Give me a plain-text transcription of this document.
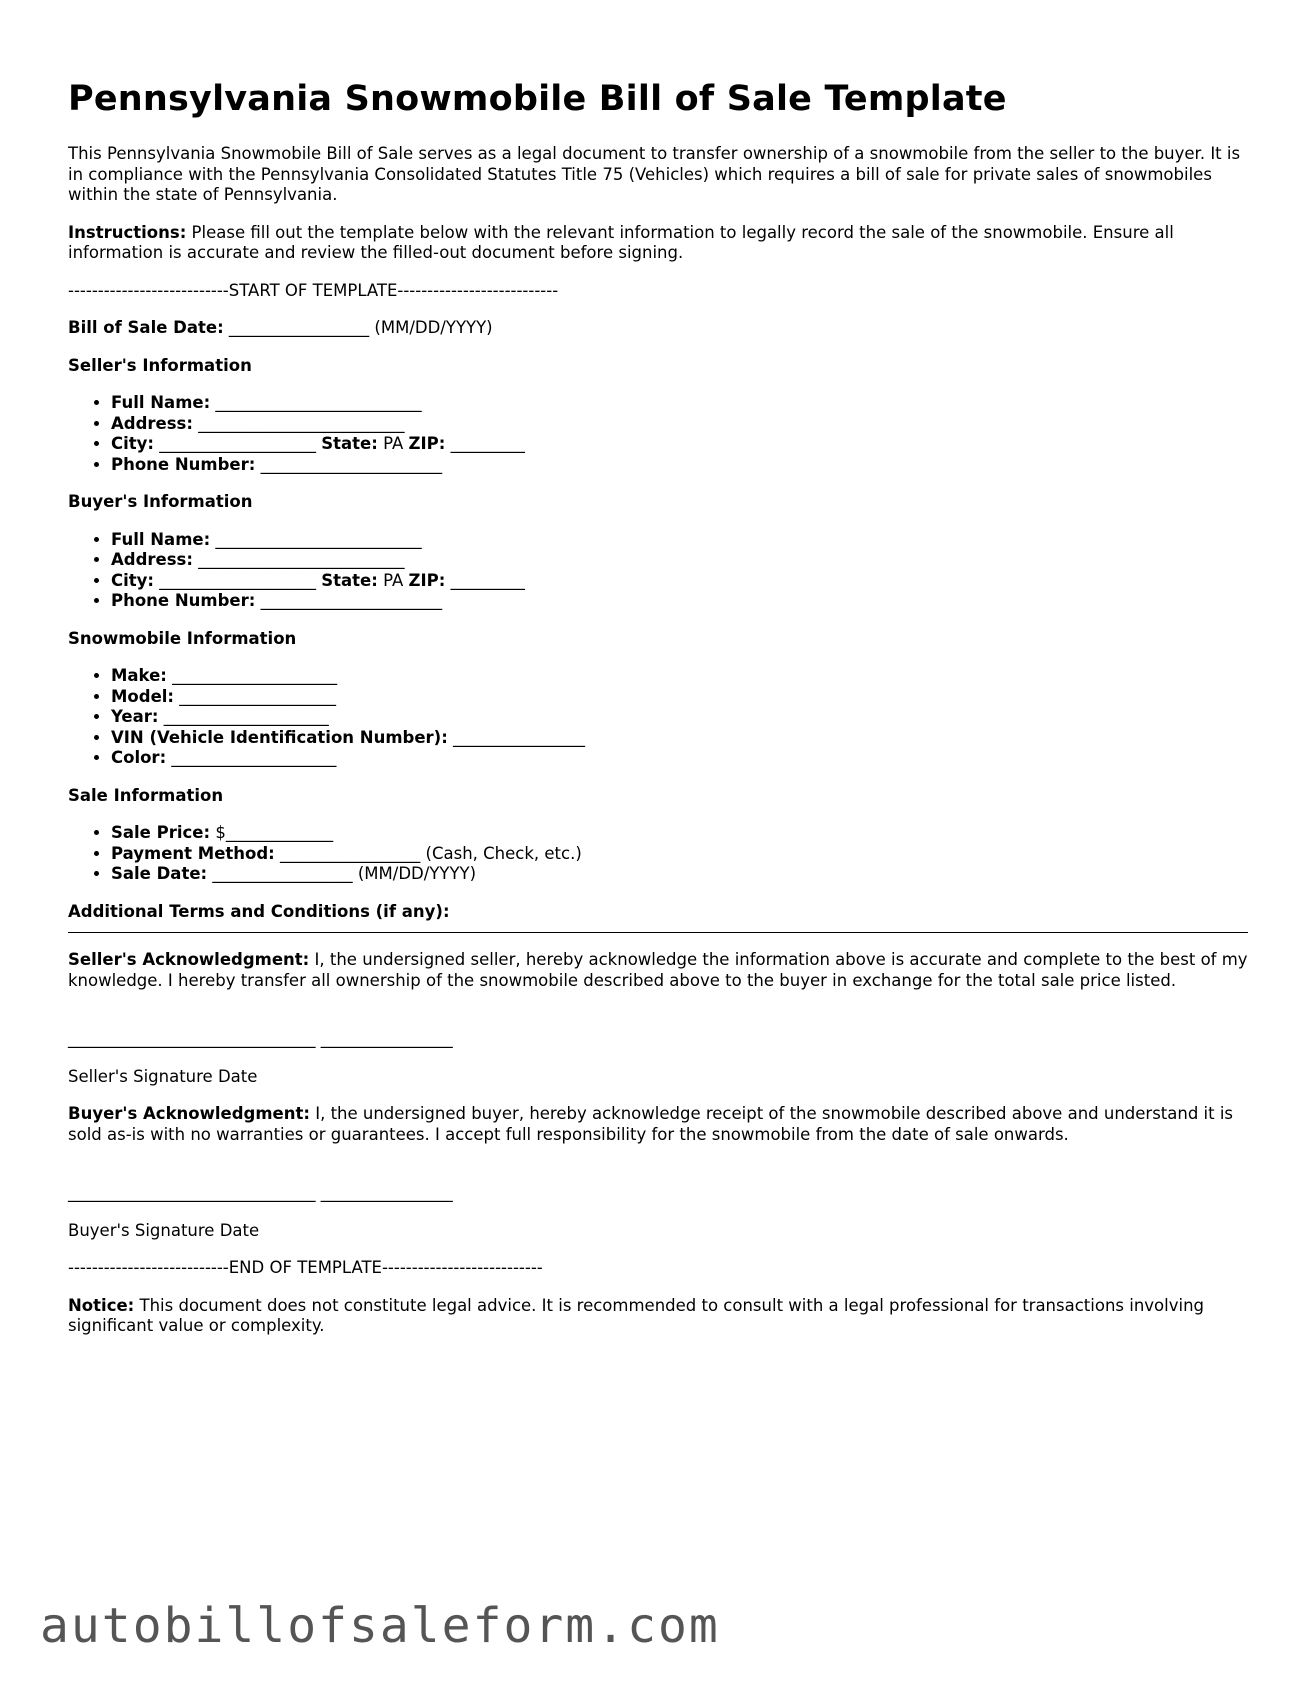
Pennsylvania Snowmobile Bill of Sale Template

This Pennsylvania Snowmobile Bill of Sale serves as a legal document to transfer ownership of a snowmobile from the seller to the buyer. It is in compliance with the Pennsylvania Consolidated Statutes Title 75 (Vehicles) which requires a bill of sale for private sales of snowmobiles within the state of Pennsylvania.

Instructions: Please fill out the template below with the relevant information to legally record the sale of the snowmobile. Ensure all information is accurate and review the filled-out document before signing.

---------------------------START OF TEMPLATE---------------------------

Bill of Sale Date: _________________ (MM/DD/YYYY)

Seller's Information
• Full Name: _________________________
• Address: _________________________
• City: ___________________ State: PA ZIP: _________
• Phone Number: ______________________
Buyer's Information
• Full Name: _________________________
• Address: _________________________
• City: ___________________ State: PA ZIP: _________
• Phone Number: ______________________
Snowmobile Information
• Make: ____________________
• Model: ___________________
• Year: ____________________
• VIN (Vehicle Identification Number): ________________
• Color: ____________________
Sale Information
• Sale Price: $_____________
• Payment Method: _________________ (Cash, Check, etc.)
• Sale Date: _________________ (MM/DD/YYYY)
Additional Terms and Conditions (if any):

Seller's Acknowledgment: I, the undersigned seller, hereby acknowledge the information above is accurate and complete to the best of my knowledge. I hereby transfer all ownership of the snowmobile described above to the buyer in exchange for the total sale price listed.

______________________________ ________________

Seller's Signature Date

Buyer's Acknowledgment: I, the undersigned buyer, hereby acknowledge receipt of the snowmobile described above and understand it is sold as-is with no warranties or guarantees. I accept full responsibility for the snowmobile from the date of sale onwards.

______________________________ ________________

Buyer's Signature Date

---------------------------END OF TEMPLATE---------------------------

Notice: This document does not constitute legal advice. It is recommended to consult with a legal professional for transactions involving significant value or complexity.

autobillofsaleform.com
